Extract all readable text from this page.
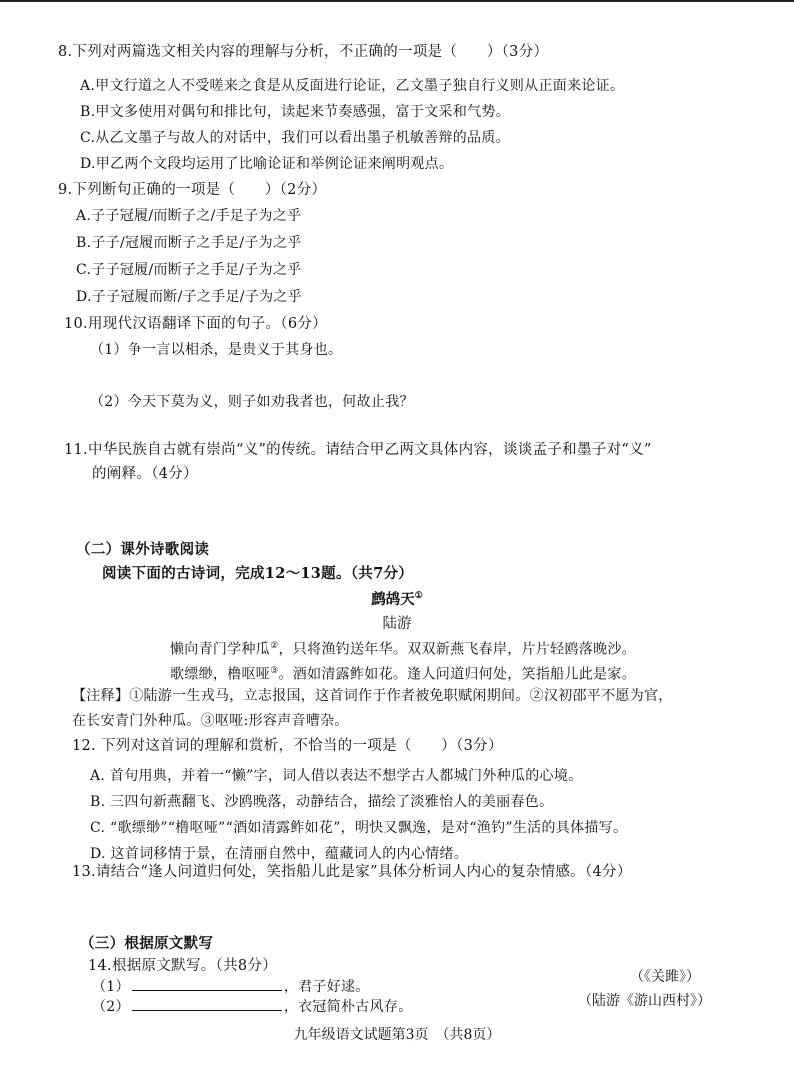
8.下列对两篇选文相关内容的理解与分析，不正确的一项是（　　）（3分）
A.甲文行道之人不受嗟来之食是从反面进行论证，乙文墨子独自行义则从正面来论证。
B.甲文多使用对偶句和排比句，读起来节奏感强，富于文采和气势。
C.从乙文墨子与故人的对话中，我们可以看出墨子机敏善辩的品质。
D.甲乙两个文段均运用了比喻论证和举例论证来阐明观点。
9.下列断句正确的一项是（　　）（2分）
A.子子冠履/而断子之/手足子为之乎
B.子子/冠履而断子之手足/子为之乎
C.子子冠履/而断子之手足/子为之乎
D.子子冠履而断/子之手足/子为之乎
10.用现代汉语翻译下面的句子。（6分）
（1）争一言以相杀，是贵义于其身也。
（2）今天下莫为义，则子如劝我者也，何故止我？
11.中华民族自古就有崇尚“义”的传统。请结合甲乙两文具体内容，谈谈孟子和墨子对“义”
的阐释。（4分）
（二）课外诗歌阅读
阅读下面的古诗词，完成12～13题。（共7分）
鹧鸪天①
陆游
懒向青门学种瓜②，只将渔钓送年华。双双新燕飞春岸，片片轻鸥落晚沙。
歌缥缈，橹呕哑③。酒如清露鲊如花。逢人问道归何处，笑指船儿此是家。
【注释】①陆游一生戎马，立志报国，这首词作于作者被免职赋闲期间。②汉初邵平不愿为官，
在长安青门外种瓜。③呕哑:形容声音嘈杂。
12. 下列对这首词的理解和赏析，不恰当的一项是（　　）（3分）
A. 首句用典，并着一“懒”字，词人借以表达不想学古人都城门外种瓜的心境。
B. 三四句新燕翻飞、沙鸥晚落，动静结合，描绘了淡雅怡人的美丽春色。
C. “歌缥缈”“橹呕哑”“酒如清露鲊如花”，明快又飘逸，是对“渔钓”生活的具体描写。
D. 这首词移情于景，在清丽自然中，蕴藏词人的内心情绪。
13.请结合“逢人问道归何处，笑指船儿此是家”具体分析词人内心的复杂情感。（4分）
（三）根据原文默写
14.根据原文默写。（共8分）
（1）	，君子好逑。
（《关雎》）
（2）	，衣冠简朴古风存。	（陆游《游山西村》）
九年级语文试题第3页　（共8页）
